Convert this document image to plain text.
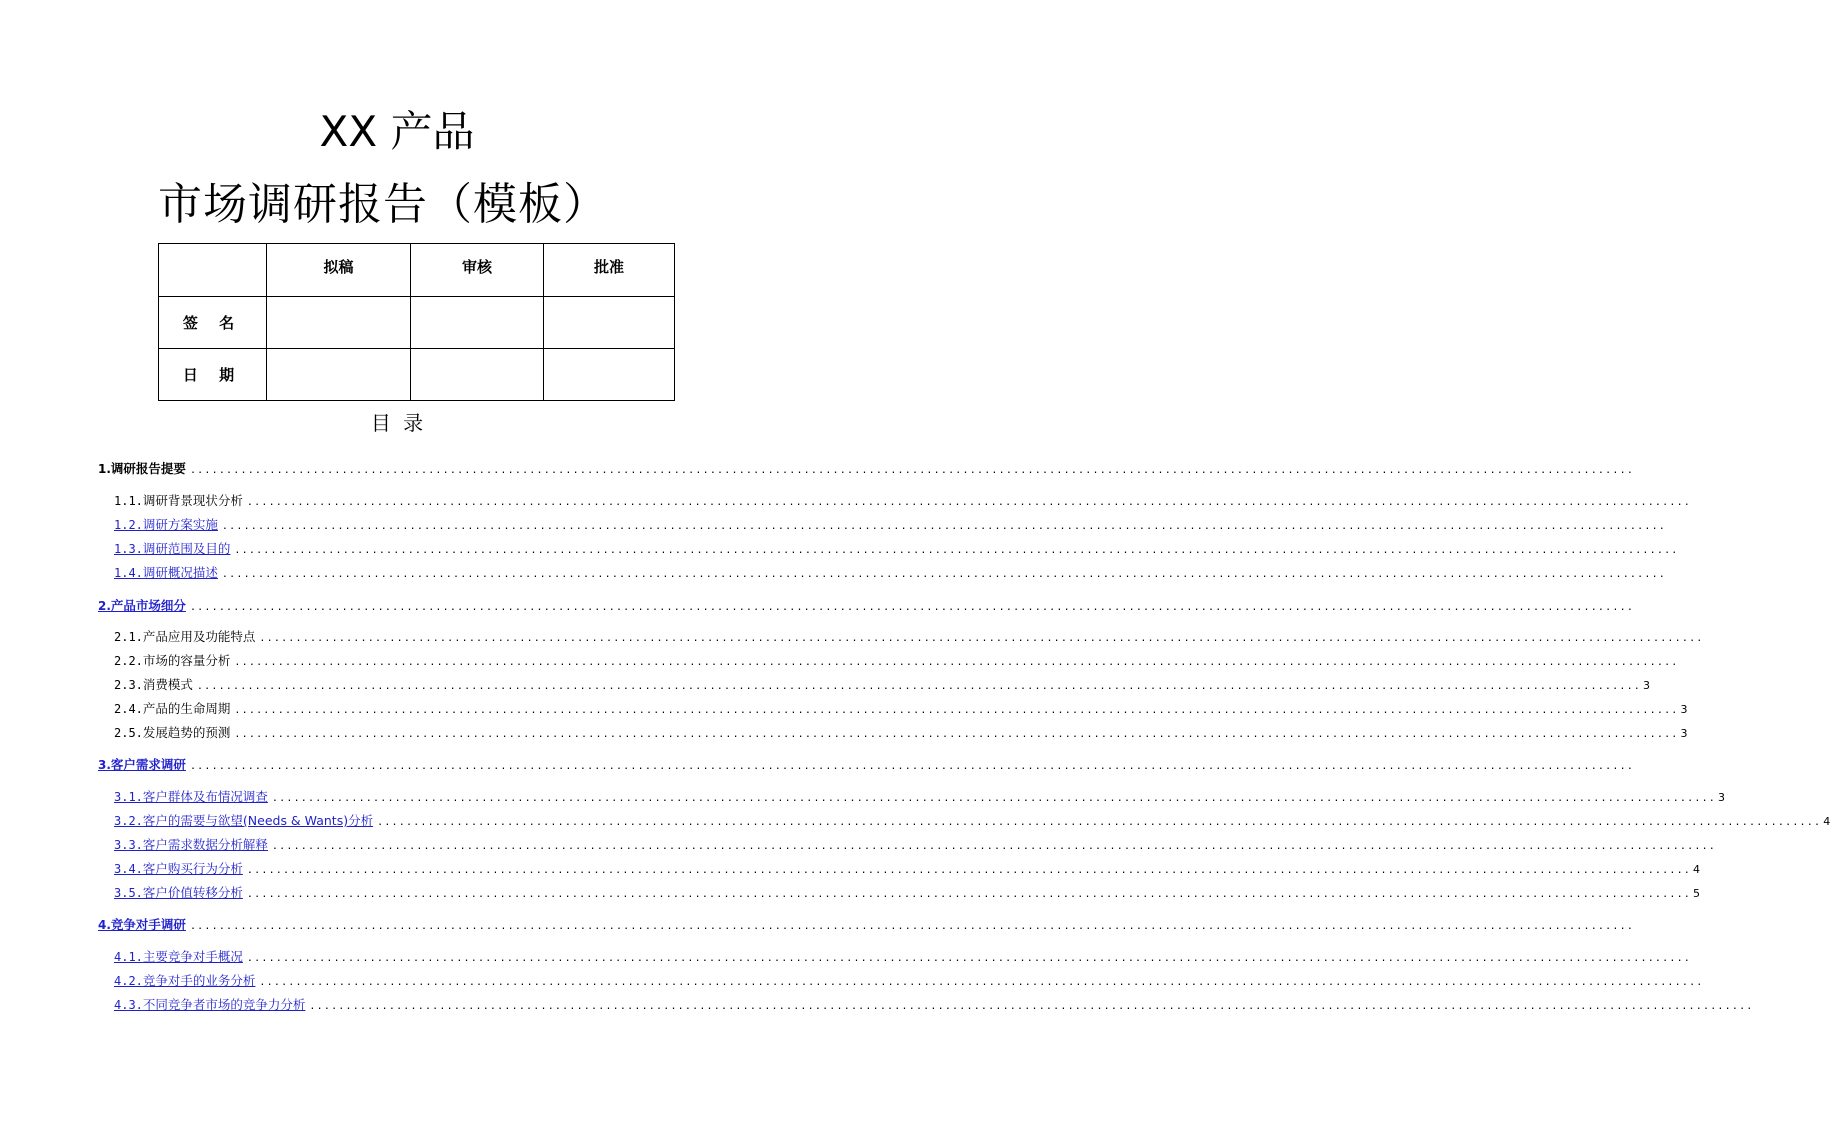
XX 产品
市场调研报告（模板）
	拟稿	审核	批准
签 名			
日 期			
目 录
1. 调研报告提要 ........................................................................................................................................................................................................
1.1. 调研背景现状分析 ........................................................................................................................................................................................................
1.2. 调研方案实施 ........................................................................................................................................................................................................
1.3. 调研范围及目的 ........................................................................................................................................................................................................
1.4. 调研概况描述 ........................................................................................................................................................................................................
2. 产品市场细分 ........................................................................................................................................................................................................
2.1. 产品应用及功能特点 ........................................................................................................................................................................................................
2.2. 市场的容量分析 ........................................................................................................................................................................................................
2.3. 消费模式 ........................................................................................................................................................................................................ 3
2.4. 产品的生命周期 ........................................................................................................................................................................................................ 3
2.5. 发展趋势的预测 ........................................................................................................................................................................................................ 3
3. 客户需求调研 ........................................................................................................................................................................................................
3.1. 客户群体及布情况调查 ........................................................................................................................................................................................................ 3
3.2. 客户的需要与欲望(Needs & Wants)分析 ........................................................................................................................................................................................................ 4
3.3. 客户需求数据分析解释 ........................................................................................................................................................................................................
3.4. 客户购买行为分析 ........................................................................................................................................................................................................ 4
3.5. 客户价值转移分析 ........................................................................................................................................................................................................ 5
4. 竞争对手调研 ........................................................................................................................................................................................................
4.1. 主要竞争对手概况 ........................................................................................................................................................................................................
4.2. 竞争对手的业务分析 ........................................................................................................................................................................................................
4.3. 不同竞争者市场的竞争力分析 ........................................................................................................................................................................................................
